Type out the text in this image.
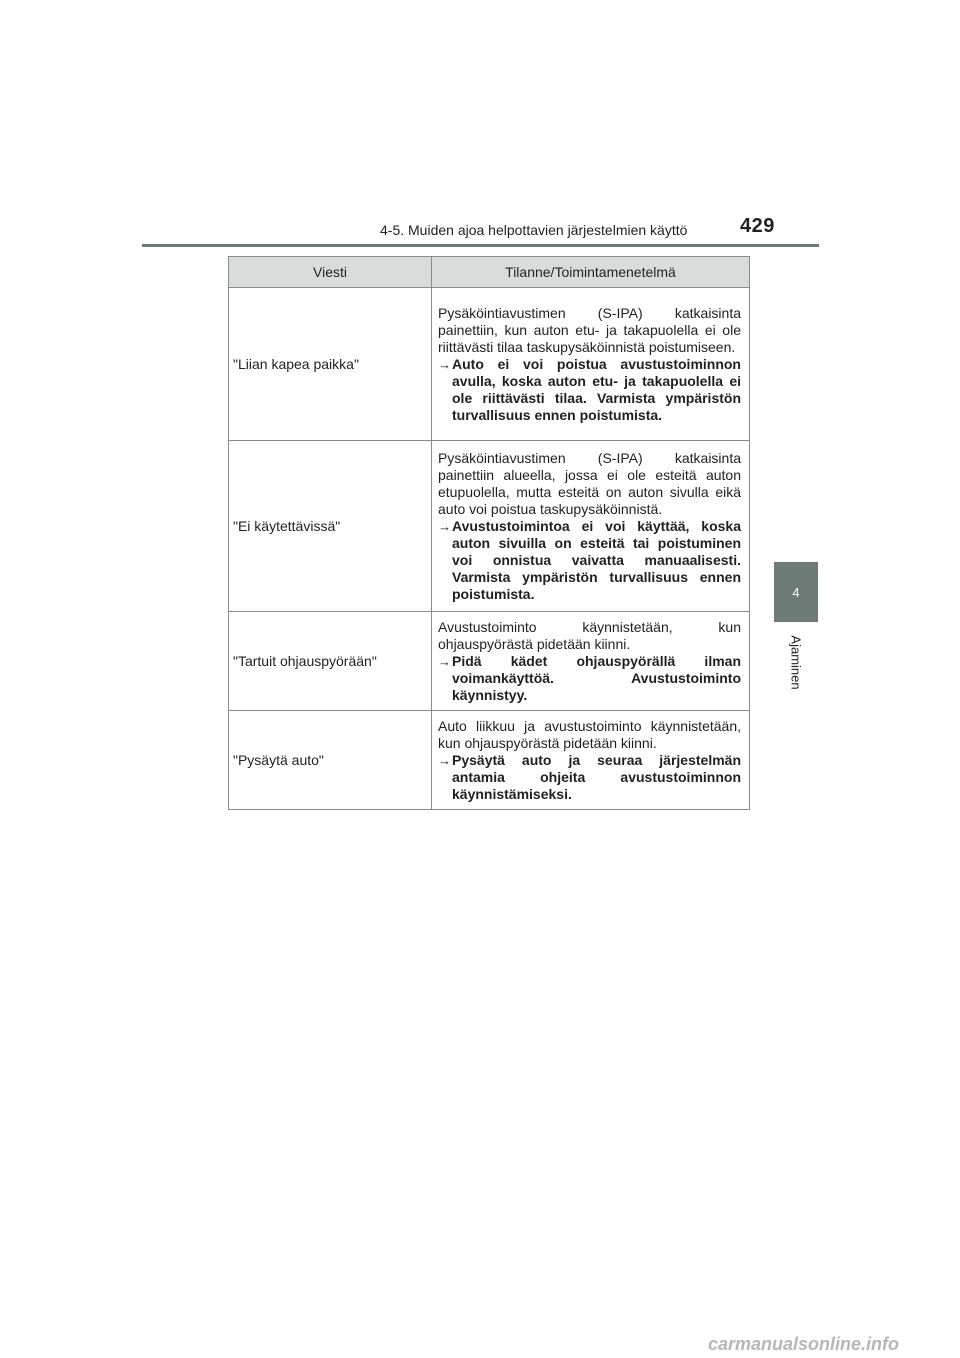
4-5. Muiden ajoa helpottavien järjestelmien käyttö	429
4
Ajaminen
Viesti	Tilanne/Toimintamenetelmä
"Liian kapea paikka"	Pysäköintiavustimen (S-IPA) katkaisinta painettiin, kun auton etu- ja takapuolella ei ole riittävästi tilaa taskupysäköinnistä poistumiseen.
→ Auto ei voi poistua avustustoiminnon avulla, koska auton etu- ja takapuolella ei ole riittävästi tilaa. Varmista ympäristön turvallisuus ennen poistumista.

"Ei käytettävissä"	Pysäköintiavustimen (S-IPA) katkaisinta painettiin alueella, jossa ei ole esteitä auton etupuolella, mutta esteitä on auton sivulla eikä auto voi poistua taskupysäköinnistä.
→ Avustustoimintoa ei voi käyttää, koska auton sivuilla on esteitä tai poistuminen voi onnistua vaivatta manuaalisesti. Varmista ympäristön turvallisuus ennen poistumista.

"Tartuit ohjauspyörään"	Avustustoiminto käynnistetään, kun ohjauspyörästä pidetään kiinni.
→ Pidä kädet ohjauspyörällä ilman voimankäyttöä. Avustustoiminto käynnistyy.

"Pysäytä auto"	Auto liikkuu ja avustustoiminto käynnistetään, kun ohjauspyörästä pidetään kiinni.
→ Pysäytä auto ja seuraa järjestelmän antamia ohjeita avustustoiminnon käynnistämiseksi.
carmanualsonline.info
